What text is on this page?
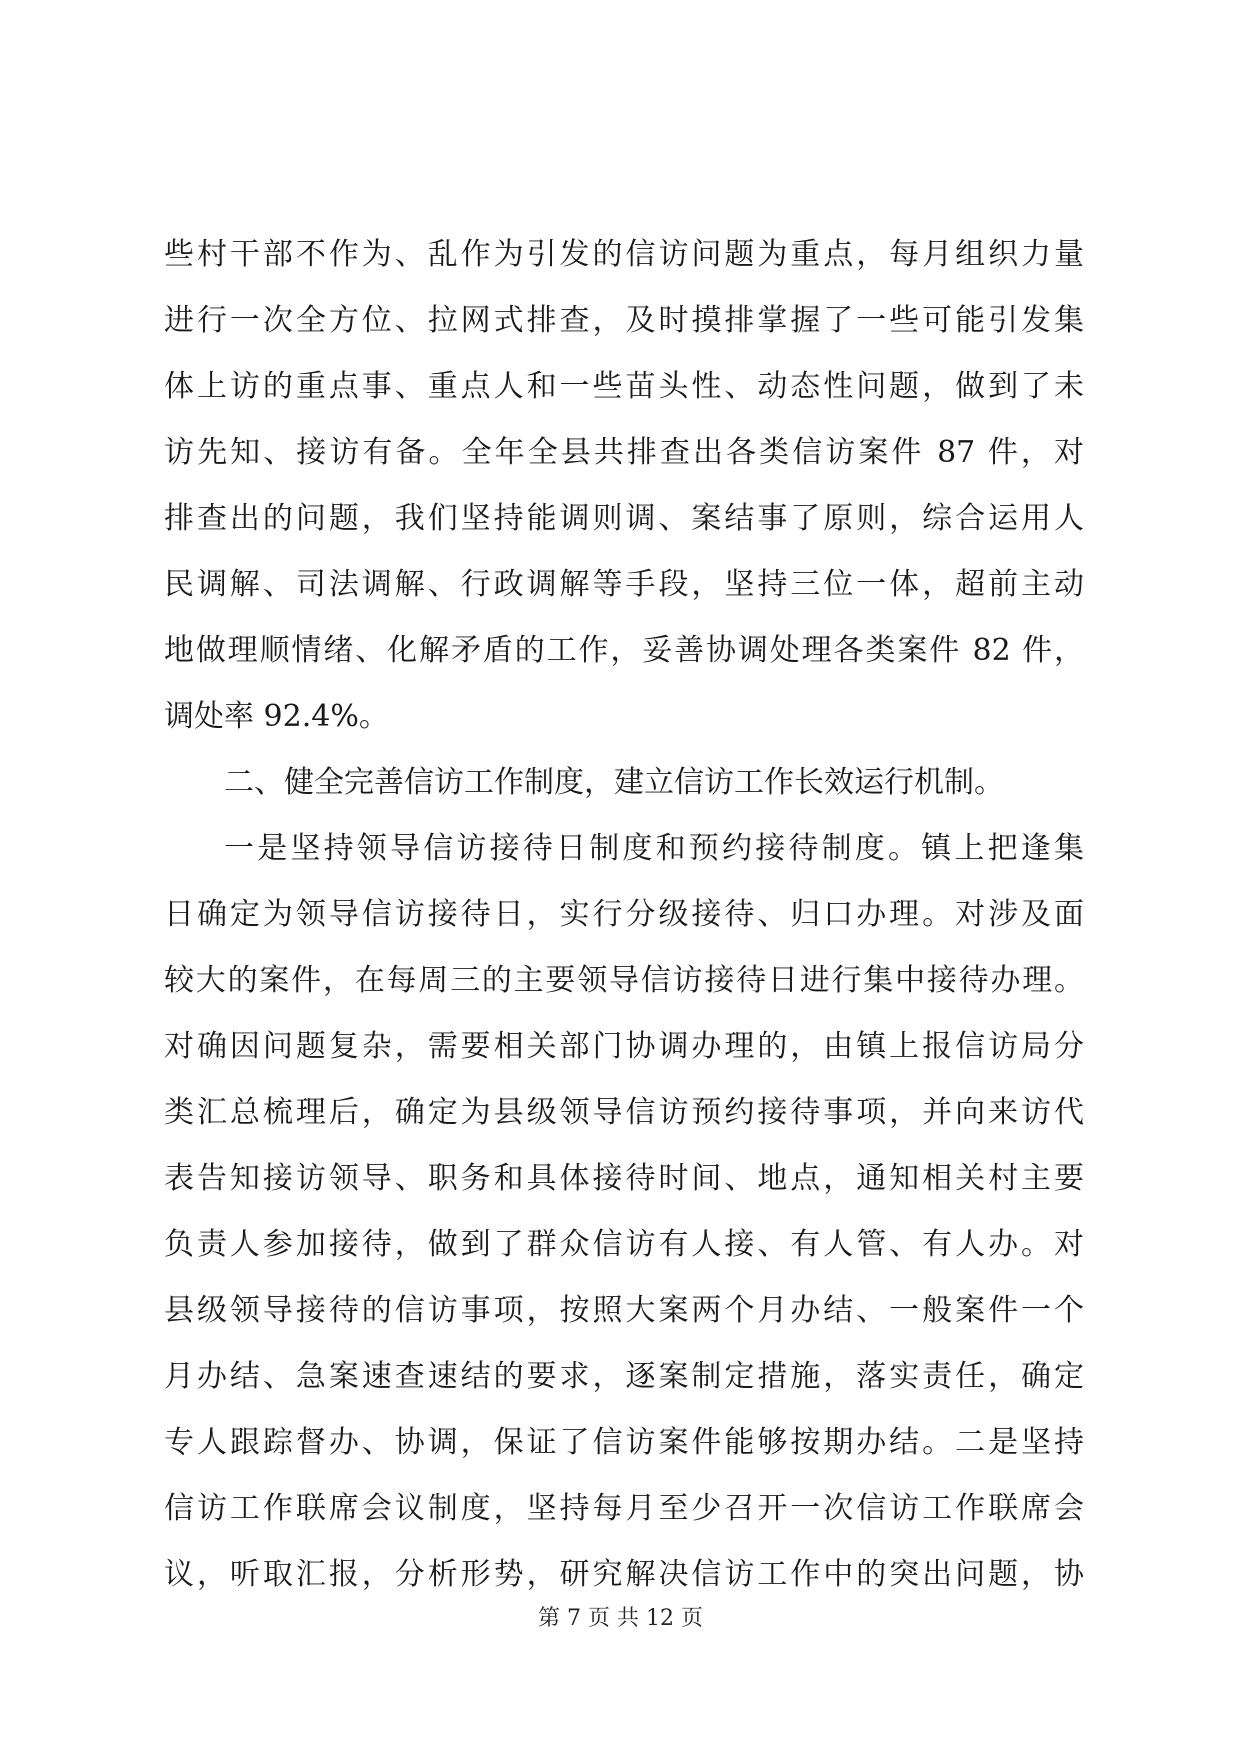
些村干部不作为、乱作为引发的信访问题为重点，每月组织力量
进行一次全方位、拉网式排查，及时摸排掌握了一些可能引发集
体上访的重点事、重点人和一些苗头性、动态性问题，做到了未
访先知、接访有备。全年全县共排查出各类信访案件 87 件，对
排查出的问题，我们坚持能调则调、案结事了原则，综合运用人
民调解、司法调解、行政调解等手段，坚持三位一体，超前主动
地做理顺情绪、化解矛盾的工作，妥善协调处理各类案件 82 件，
调处率 92.4%。
二、健全完善信访工作制度，建立信访工作长效运行机制。
一是坚持领导信访接待日制度和预约接待制度。镇上把逢集
日确定为领导信访接待日，实行分级接待、归口办理。对涉及面
较大的案件，在每周三的主要领导信访接待日进行集中接待办理。
对确因问题复杂，需要相关部门协调办理的，由镇上报信访局分
类汇总梳理后，确定为县级领导信访预约接待事项，并向来访代
表告知接访领导、职务和具体接待时间、地点，通知相关村主要
负责人参加接待，做到了群众信访有人接、有人管、有人办。对
县级领导接待的信访事项，按照大案两个月办结、一般案件一个
月办结、急案速查速结的要求，逐案制定措施，落实责任，确定
专人跟踪督办、协调，保证了信访案件能够按期办结。二是坚持
信访工作联席会议制度，坚持每月至少召开一次信访工作联席会
议，听取汇报，分析形势，研究解决信访工作中的突出问题，协
第 7 页 共 12 页
